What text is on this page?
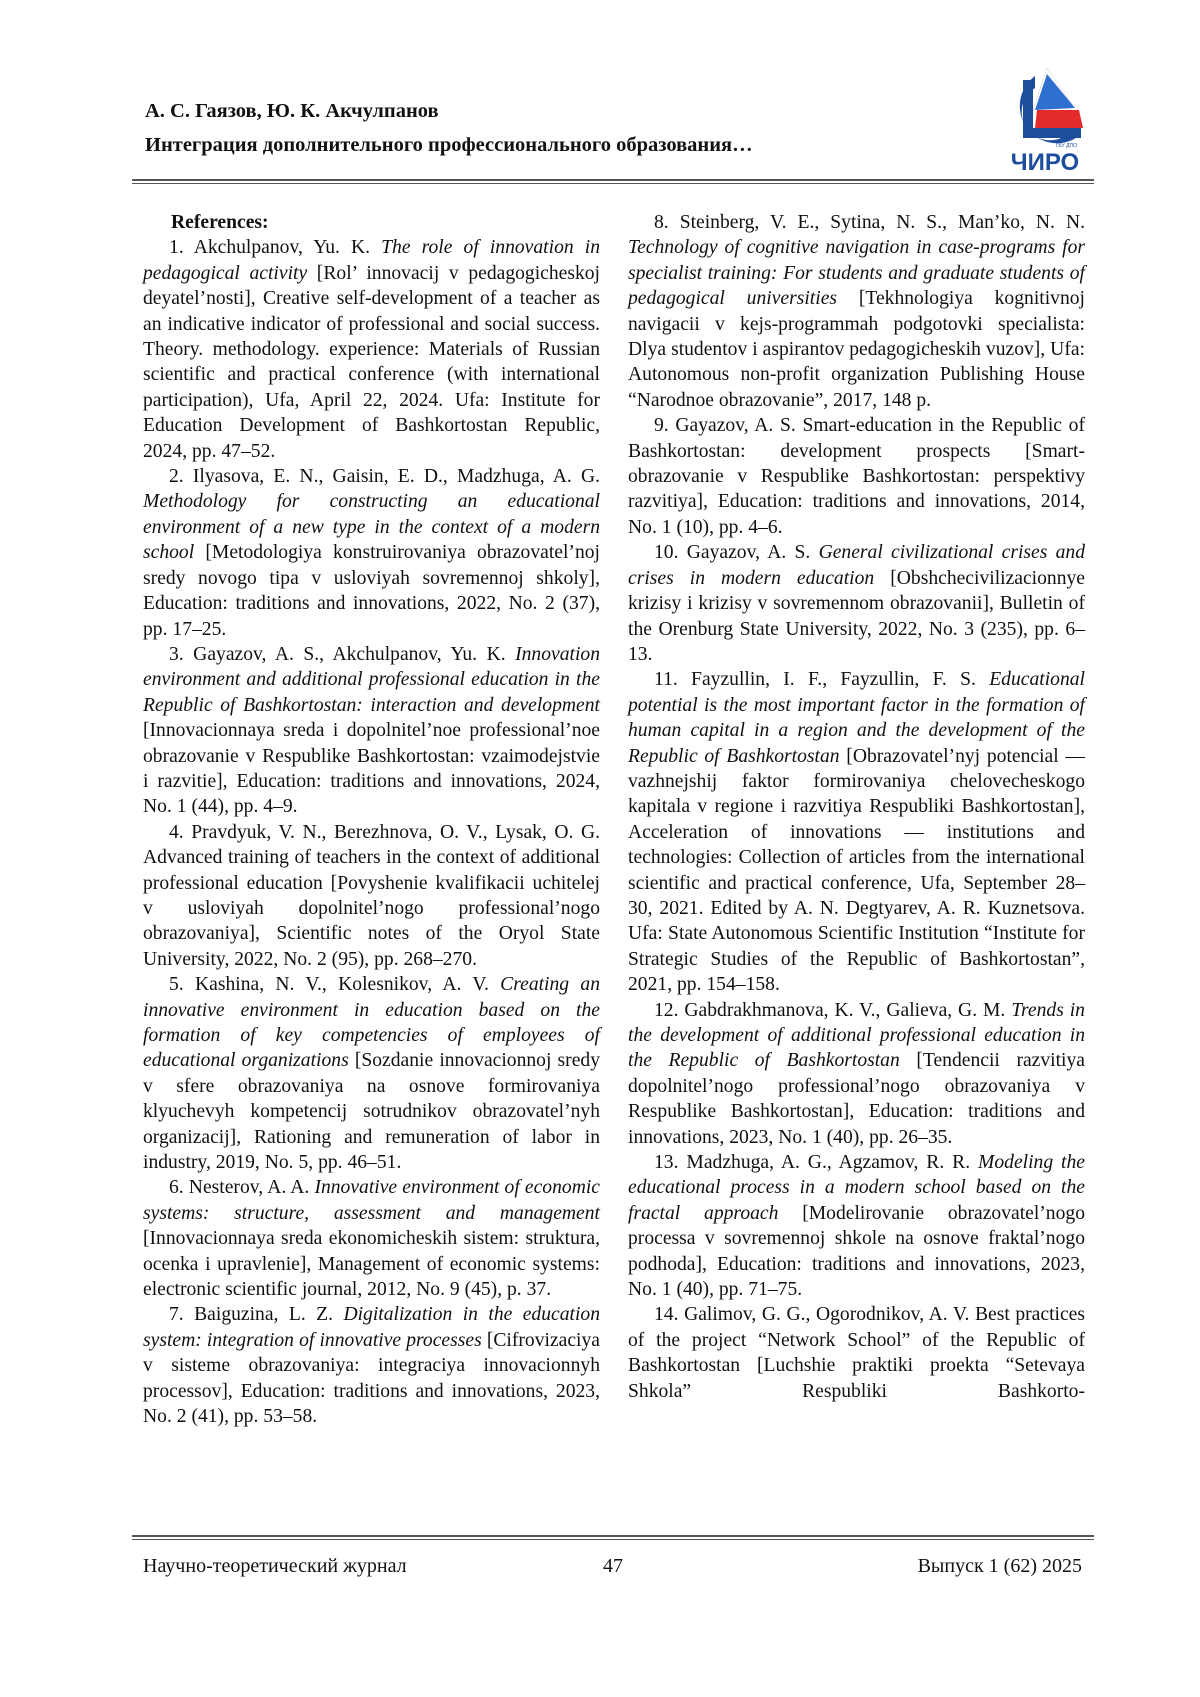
А. С. Гаязов, Ю. К. Акчулпанов
Интеграция дополнительного профессионального образования…	ГБУ ДПО
ЧИРО

References:

1. Akchulpanov, Yu. K. The role of innovation in pedagogical activity [Rol’ innovacij v pedagogicheskoj deyatel’nosti], Creative self-development of a teacher as an indicative indicator of professional and social success. Theory. methodology. experience: Materials of Russian scientific and practical conference (with international participation), Ufa, April 22, 2024. Ufa: Institute for Education Development of Bashkortostan Republic, 2024, pp. 47–52.

2. Ilyasova, E. N., Gaisin, E. D., Madzhuga, A. G. Methodology for constructing an educational environment of a new type in the context of a modern school [Metodologiya konstruirovaniya obrazovatel’noj sredy novogo tipa v usloviyah sovremennoj shkoly], Education: traditions and innovations, 2022, No. 2 (37), pp. 17–25.

3. Gayazov, A. S., Akchulpanov, Yu. K. Innovation environment and additional professional education in the Republic of Bashkortostan: interaction and development [Innovacionnaya sreda i dopolnitel’noe professional’noe obrazovanie v Respublike Bashkortostan: vzaimodejstvie i razvitie], Education: traditions and innovations, 2024, No. 1 (44), pp. 4–9.

4. Pravdyuk, V. N., Berezhnova, O. V., Lysak, O. G. Advanced training of teachers in the context of additional professional education [Povyshenie kvalifikacii uchitelej v usloviyah dopolnitel’nogo professional’nogo obrazovaniya], Scientific notes of the Oryol State University, 2022, No. 2 (95), pp. 268–270.

5. Kashina, N. V., Kolesnikov, A. V. Creating an innovative environment in education based on the formation of key competencies of employees of educational organizations [Sozdanie innovacionnoj sredy v sfere obrazovaniya na osnove formirovaniya klyuchevyh kompetencij sotrudnikov obrazovatel’nyh organizacij], Rationing and remuneration of labor in industry, 2019, No. 5, pp. 46–51.

6. Nesterov, A. A. Innovative environment of economic systems: structure, assessment and management [Innovacionnaya sreda ekonomicheskih sistem: struktura, ocenka i upravlenie], Management of economic systems: electronic scientific journal, 2012, No. 9 (45), p. 37.

7. Baiguzina, L. Z. Digitalization in the education system: integration of innovative processes [Cifrovizaciya v sisteme obrazovaniya: integraciya innovacionnyh processov], Education: traditions and innovations, 2023, No. 2 (41), pp. 53–58.

8. Steinberg, V. E., Sytina, N. S., Man’ko, N. N. Technology of cognitive navigation in case-programs for specialist training: For students and graduate students of pedagogical universities [Tekhnologiya kognitivnoj navigacii v kejs-programmah podgotovki specialista: Dlya studentov i aspirantov pedagogicheskih vuzov], Ufa: Autonomous non-profit organization Publishing House “Narodnoe obrazovanie”, 2017, 148 p.

9. Gayazov, A. S. Smart-education in the Republic of Bashkortostan: development prospects [Smart-obrazovanie v Respublike Bashkortostan: perspektivy razvitiya], Education: traditions and innovations, 2014, No. 1 (10), pp. 4–6.

10. Gayazov, A. S. General civilizational crises and crises in modern education [Obshchecivilizacionnye krizisy i krizisy v sovremennom obrazovanii], Bulletin of the Orenburg State University, 2022, No. 3 (235), pp. 6–13.

11. Fayzullin, I. F., Fayzullin, F. S. Educational potential is the most important factor in the formation of human capital in a region and the development of the Republic of Bashkortostan [Obrazovatel’nyj potencial — vazhnejshij faktor formirovaniya chelovecheskogo kapitala v regione i razvitiya Respubliki Bashkortostan], Acceleration of innovations — institutions and technologies: Collection of articles from the international scientific and practical conference, Ufa, September 28–30, 2021. Edited by A. N. Degtyarev, A. R. Kuznetsova. Ufa: State Autonomous Scientific Institution “Institute for Strategic Studies of the Republic of Bashkortostan”, 2021, pp. 154–158.

12. Gabdrakhmanova, K. V., Galieva, G. M. Trends in the development of additional professional education in the Republic of Bashkortostan [Tendencii razvitiya dopolnitel’nogo professional’nogo obrazovaniya v Respublike Bashkortostan], Education: traditions and innovations, 2023, No. 1 (40), pp. 26–35.

13. Madzhuga, A. G., Agzamov, R. R. Modeling the educational process in a modern school based on the fractal approach [Modelirovanie obrazovatel’nogo processa v sovremennoj shkole na osnove fraktal’nogo podhoda], Education: traditions and innovations, 2023, No. 1 (40), pp. 71–75.

14. Galimov, G. G., Ogorodnikov, A. V. Best practices of the project “Network School” of the Republic of Bashkortostan [Luchshie praktiki proekta “Setevaya Shkola” Respubliki Bashkorto-

Научно-теоретический журнал	47	Выпуск 1 (62) 2025
